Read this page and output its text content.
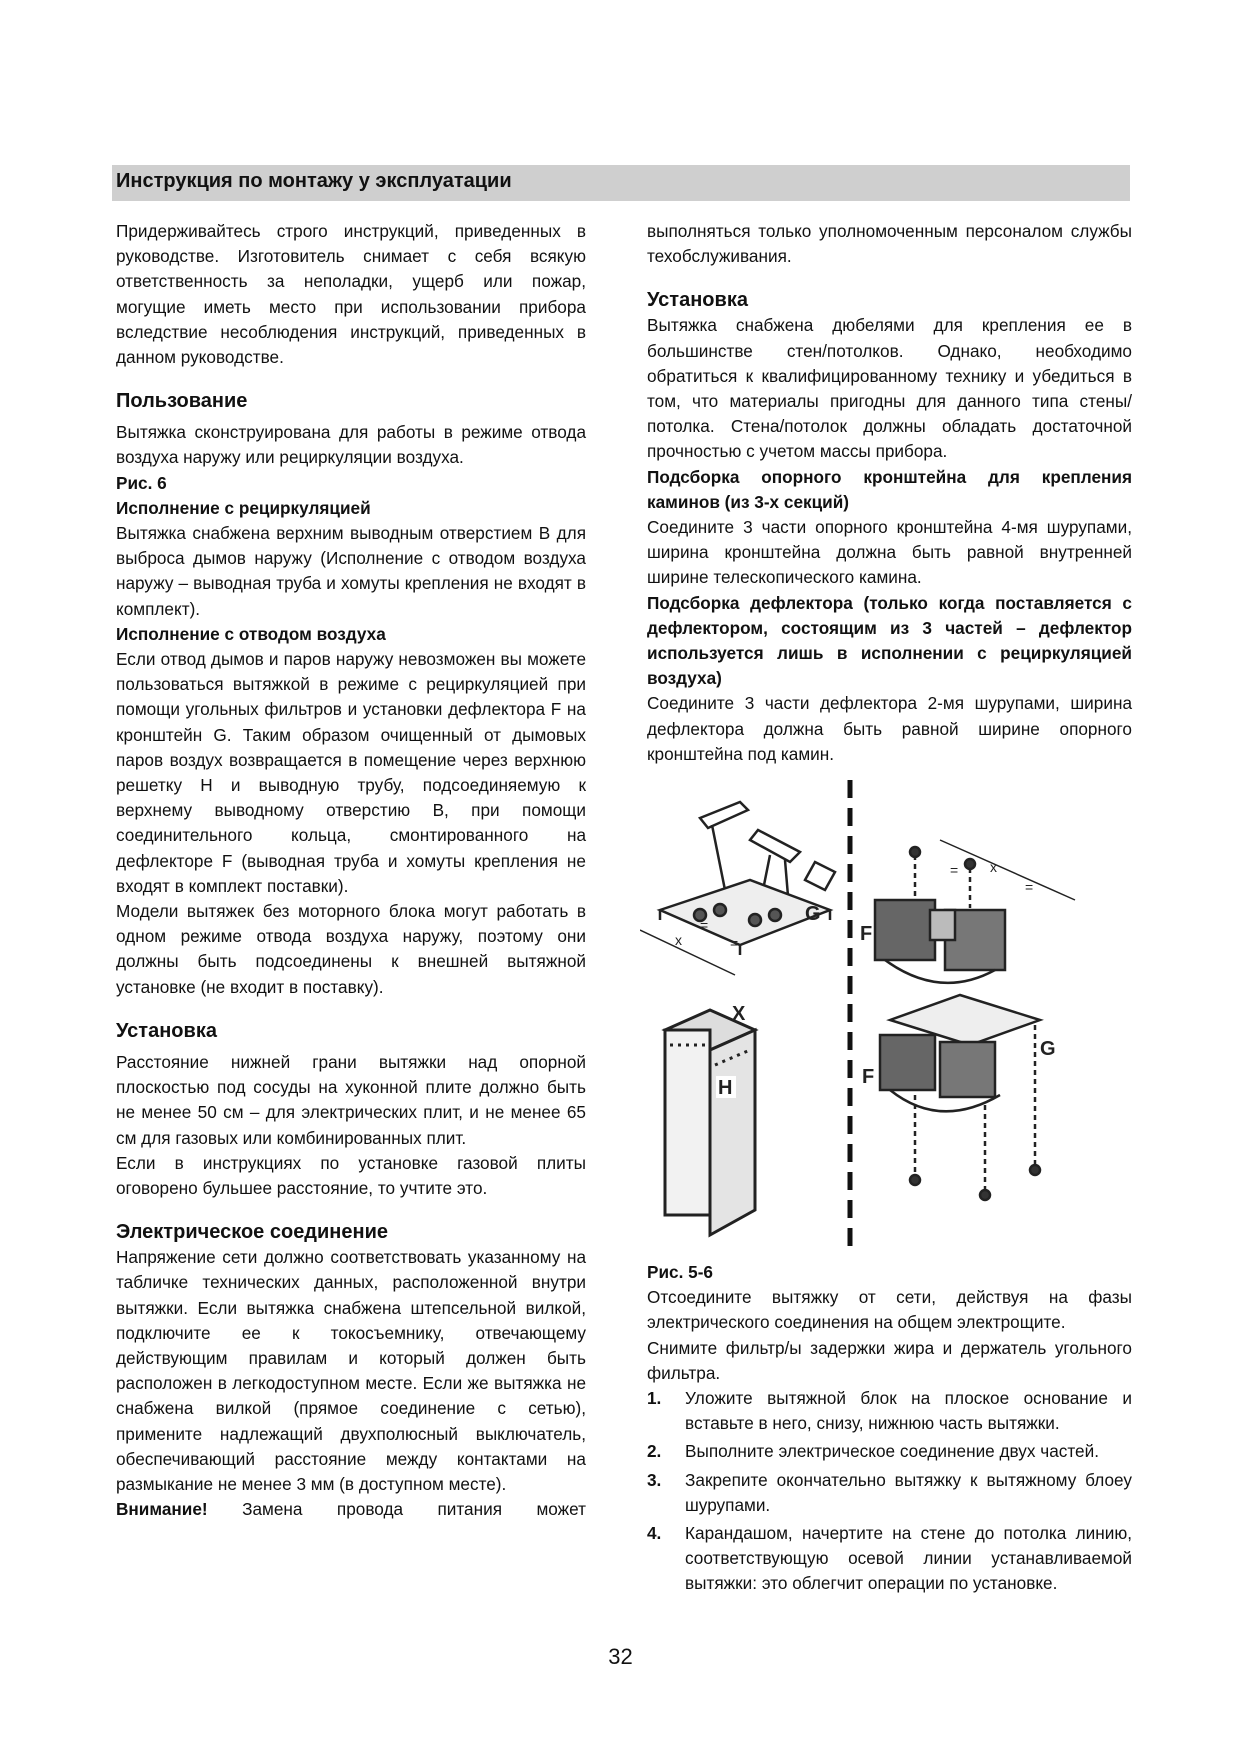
Инструкция по монтажу у эксплуатации

Придерживайтесь строго инструкций, приведенных в руководстве. Изготовитель снимает с себя всякую ответственность за неполадки, ущерб или пожар, могущие иметь место при использовании прибора вследствие несоблюдения инструкций, приведенных в данном руководстве.

Пользование

Вытяжка сконструирована для работы в режиме отвода воздуха наружу или рециркуляции воздуха.

Рис. 6

Исполнение с рециркуляцией

Вытяжка снабжена верхним выводным отверстием B для выброса дымов наружу (Исполнение с отводом воздуха наружу – выводная труба и хомуты крепления не входят в комплект).

Исполнение с отводом воздуха

Если отвод дымов и паров наружу невозможен вы можете пользоваться вытяжкой в режиме с рециркуляцией при помощи угольных фильтров и установки дефлектора F на кронштейн G. Таким образом очищенный от дымовых паров воздух возвращается в помещение через верхнюю решетку H и выводную трубу, подсоединяемую к верхнему выводному отверстию B, при помощи соединительного кольца, смонтированного на дефлекторе F (выводная труба и хомуты крепления не входят в комплект поставки).

Модели вытяжек без моторного блока могут работать в одном режиме отвода воздуха наружу, поэтому они должны быть подсоединены к внешней вытяжной установке (не входит в поставку).

Установка

Расстояние нижней грани вытяжки над опорной плоскостью под сосуды на хуконной плите должно быть не менее 50 см – для электрических плит, и не менее 65 см для газовых или комбинированных плит.

Если в инструкциях по установке газовой плиты оговорено бульшее расстояние, то учтите это.

Электрическое соединение

Напряжение сети должно соответствовать указанному на табличке технических данных, расположенной внутри вытяжки. Если вытяжка снабжена штепсельной вилкой, подключите ее к токосъемнику, отвечающему действующим правилам и который должен быть расположен в легкодоступном месте. Если же вытяжка не снабжена вилкой (прямое соединение с сетью), примените надлежащий двухполюсный выключатель, обеспечивающий расстояние между контактами на размыкание не менее 3 мм (в доступном месте).

Внимание! Замена провода питания может

выполняться только уполномоченным персоналом службы техобслуживания.

Установка

Вытяжка снабжена дюбелями для крепления ее в большинстве стен/потолков. Однако, необходимо обратиться к квалифицированному технику и убедиться в том, что материалы пригодны для данного типа стены/ потолка. Стена/потолок должны обладать достаточной прочностью с учетом массы прибора.

Подсборка опорного кронштейна для крепления каминов (из 3-х секций)

Соедините 3 части опорного кронштейна 4-мя шурупами, ширина кронштейна должна быть равной внутренней ширине телескопического камина.

Подсборка дефлектора (только когда поставляется с дефлектором, состоящим из 3 частей – дефлектор используется лишь в исполнении с рециркуляцией воздуха)

Соедините 3 части дефлектора 2-мя шурупами, ширина дефлектора должна быть равной ширине опорного кронштейна под камин.

G
x
=
=
x
=
=
F
X
H
G
F

Рис. 5-6

Отсоедините вытяжку от сети, действуя на фазы электрического соединения на общем электрощите.

Снимите фильтр/ы задержки жира и держатель угольного фильтра.

1.	Уложите вытяжной блок на плоское основание и вставьте в него, снизу, нижнюю часть вытяжки.
2.	Выполните электрическое соединение двух частей.
3.	Закрепите окончательно вытяжку к вытяжному блоеу шурупами.
4.	Карандашом, начертите на стене до потолка линию, соответствующую осевой линии устанавливаемой вытяжки: это облегчит операции по установке.
32
